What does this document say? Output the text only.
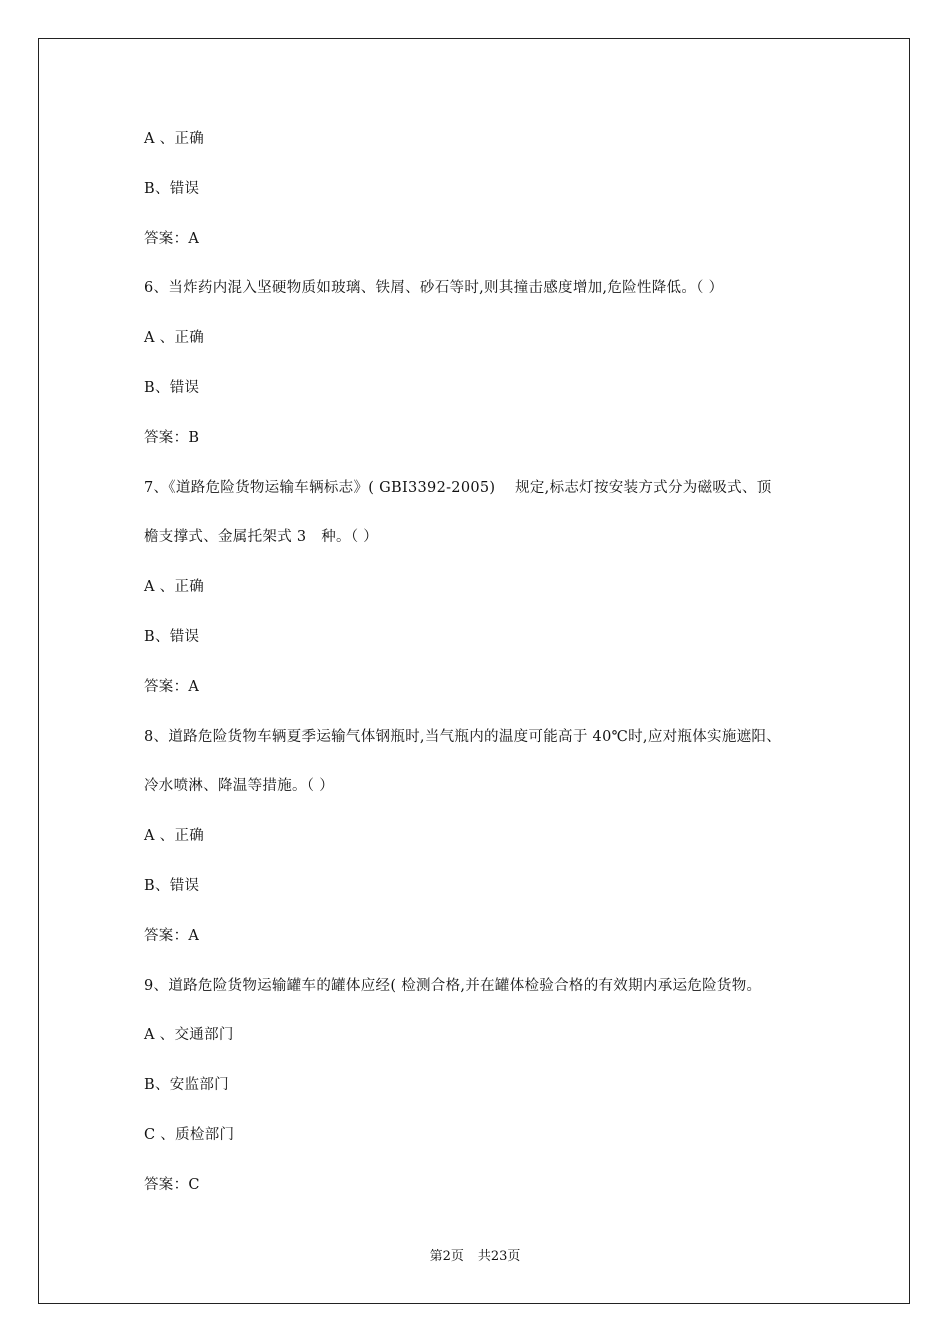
A 、正确
B、错误
答案：A
6、当炸药内混入坚硬物质如玻璃、铁屑、砂石等时,则其撞击感度增加,危险性降低。（ ）
A 、正确
B、错误
答案：B
7、《道路危险货物运输车辆标志》( GBI3392-2005)　 规定,标志灯按安装方式分为磁吸式、顶
檐支撑式、金属托架式 3　种。（ ）
A 、正确
B、错误
答案：A
8、道路危险货物车辆夏季运输气体钢瓶时,当气瓶内的温度可能高于 40℃时,应对瓶体实施遮阳、
冷水喷淋、降温等措施。（ ）
A 、正确
B、错误
答案：A
9、道路危险货物运输罐车的罐体应经( 检测合格,并在罐体检验合格的有效期内承运危险货物。
A 、交通部门
B、安监部门
C 、质检部门
答案：C
第2页 共23页
